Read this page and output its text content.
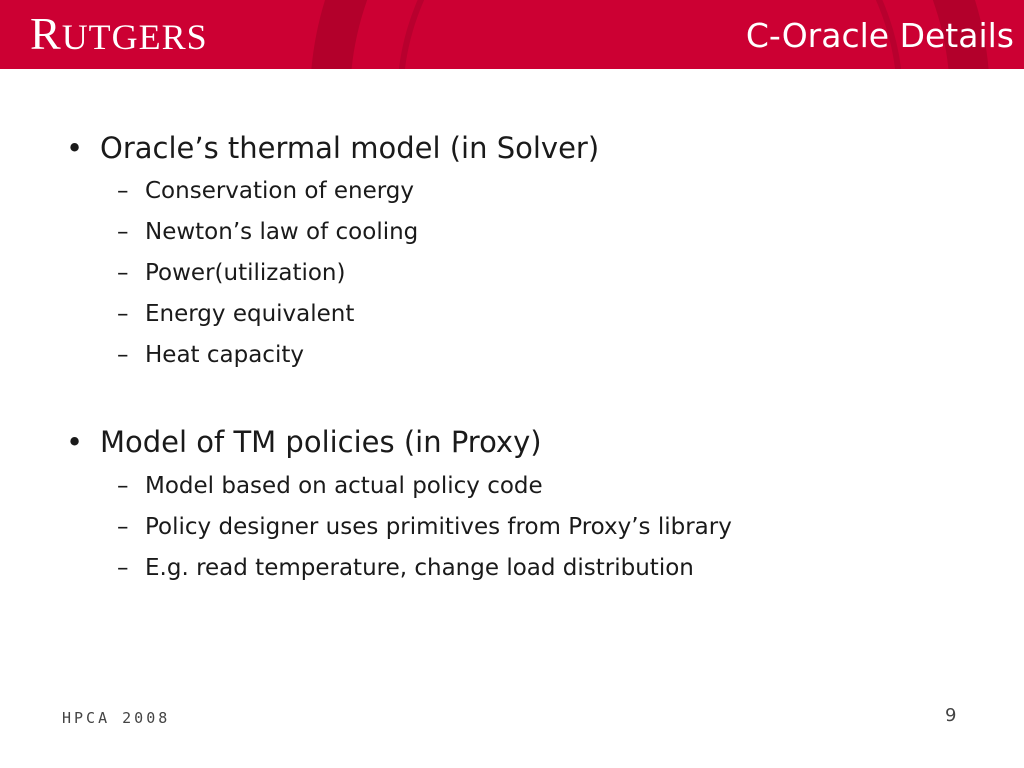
RUTGERS	C-Oracle Details
• Oracle’s thermal model (in Solver)
– Conservation of energy
– Newton’s law of cooling
– Power(utilization)
– Energy equivalent
– Heat capacity
• Model of TM policies (in Proxy)
– Model based on actual policy code
– Policy designer uses primitives from Proxy’s library
– E.g. read temperature, change load distribution
HPCA 2008	9
